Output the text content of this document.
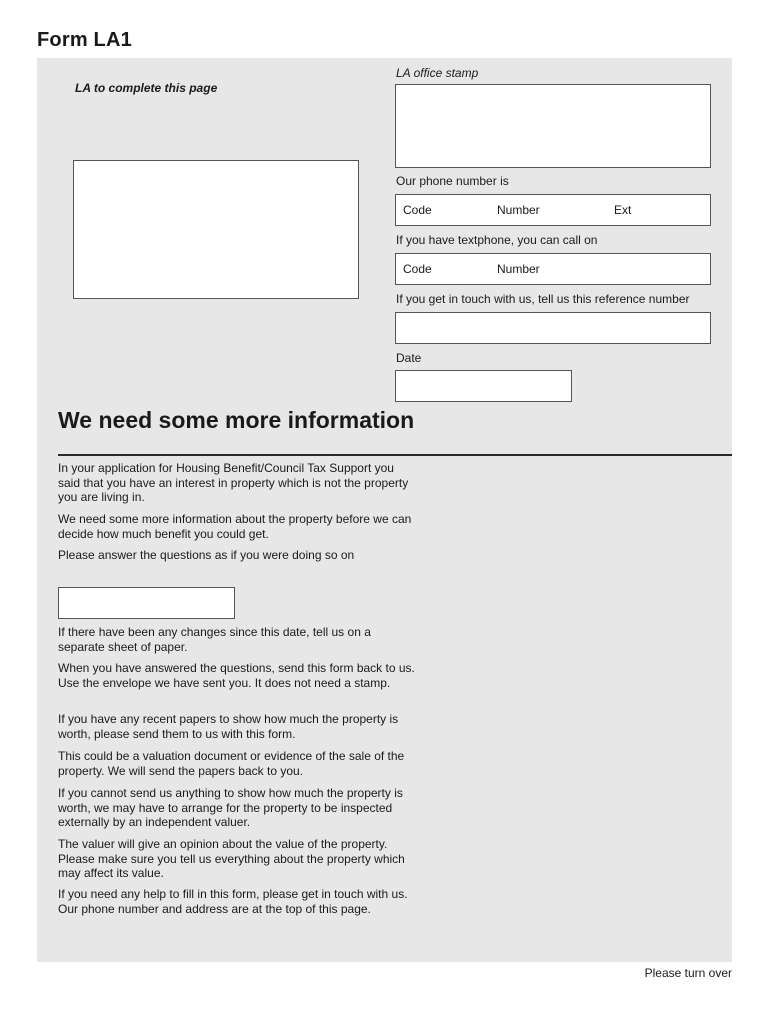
Form LA1
LA to complete this page
LA office stamp
Our phone number is
Code	Number	Ext
If you have textphone, you can call on
Code	Number
If you get in touch with us, tell us this reference number
Date
We need some more information
In your application for Housing Benefit/Council Tax Support you said that you have an interest in property which is not the property you are living in.
We need some more information about the property before we can decide how much benefit you could get.
Please answer the questions as if you were doing so on
If there have been any changes since this date, tell us on a separate sheet of paper.
When you have answered the questions, send this form back to us. Use the envelope we have sent you. It does not need a stamp.
If you have any recent papers to show how much the property is worth, please send them to us with this form.
This could be a valuation document or evidence of the sale of the property. We will send the papers back to you.
If you cannot send us anything to show how much the property is worth, we may have to arrange for the property to be inspected externally by an independent valuer.
The valuer will give an opinion about the value of the property. Please make sure you tell us everything about the property which may affect its value.
If you need any help to fill in this form, please get in touch with us. Our phone number and address are at the top of this page.
Please turn over
